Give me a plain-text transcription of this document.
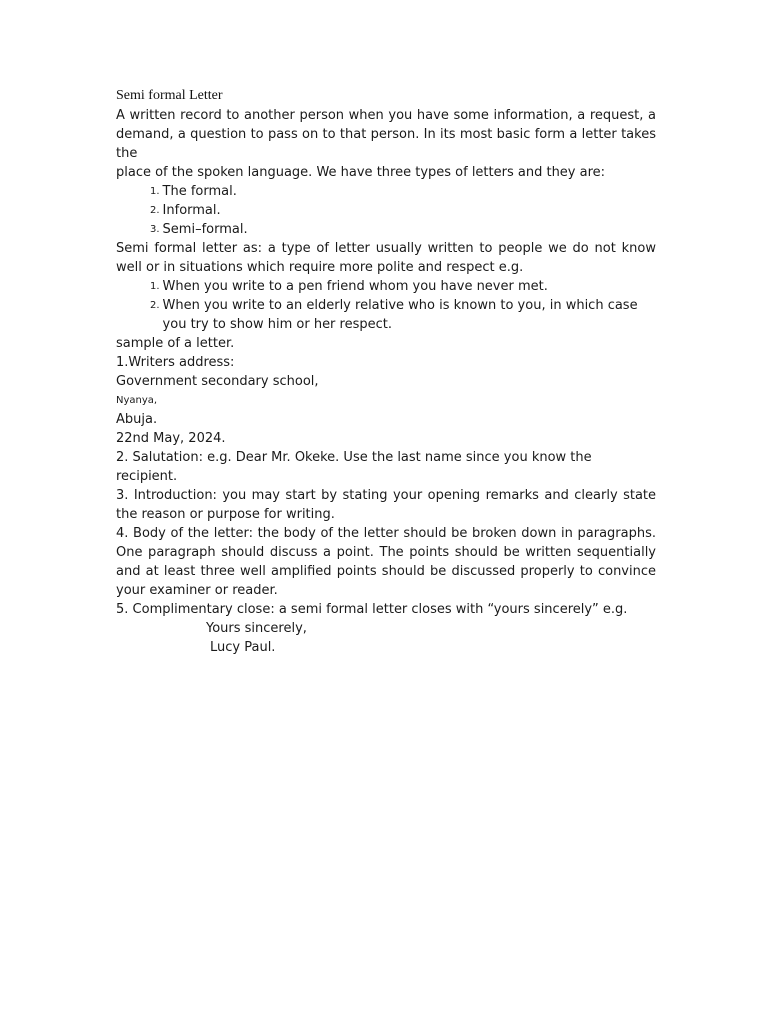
Semi formal Letter
A written record to another person when you have some information, a request, a
demand, a question to pass on to that person. In its most basic form a letter takes the
place of the spoken language. We have three types of letters and they are:
1. The formal.
2. Informal.
3. Semi–formal.
Semi formal letter as: a type of letter usually written to people we do not know well or in situations which require more polite and respect e.g.
1. When you write to a pen friend whom you have never met.
2. When you write to an elderly relative who is known to you, in which case you try to show him or her respect.
sample of a letter.
1.Writers address:
Government secondary school,
Nyanya,
Abuja.
22nd May, 2024.
2. Salutation: e.g. Dear Mr. Okeke. Use the last name since you know the recipient.
3. Introduction: you may start by stating your opening remarks and clearly state the reason or purpose for writing.
4. Body of the letter: the body of the letter should be broken down in paragraphs. One paragraph should discuss a point. The points should be written sequentially and at least three well amplified points should be discussed properly to convince your examiner or reader.
5. Complimentary close: a semi formal letter closes with “yours sincerely” e.g.
Yours sincerely,
Lucy Paul.
